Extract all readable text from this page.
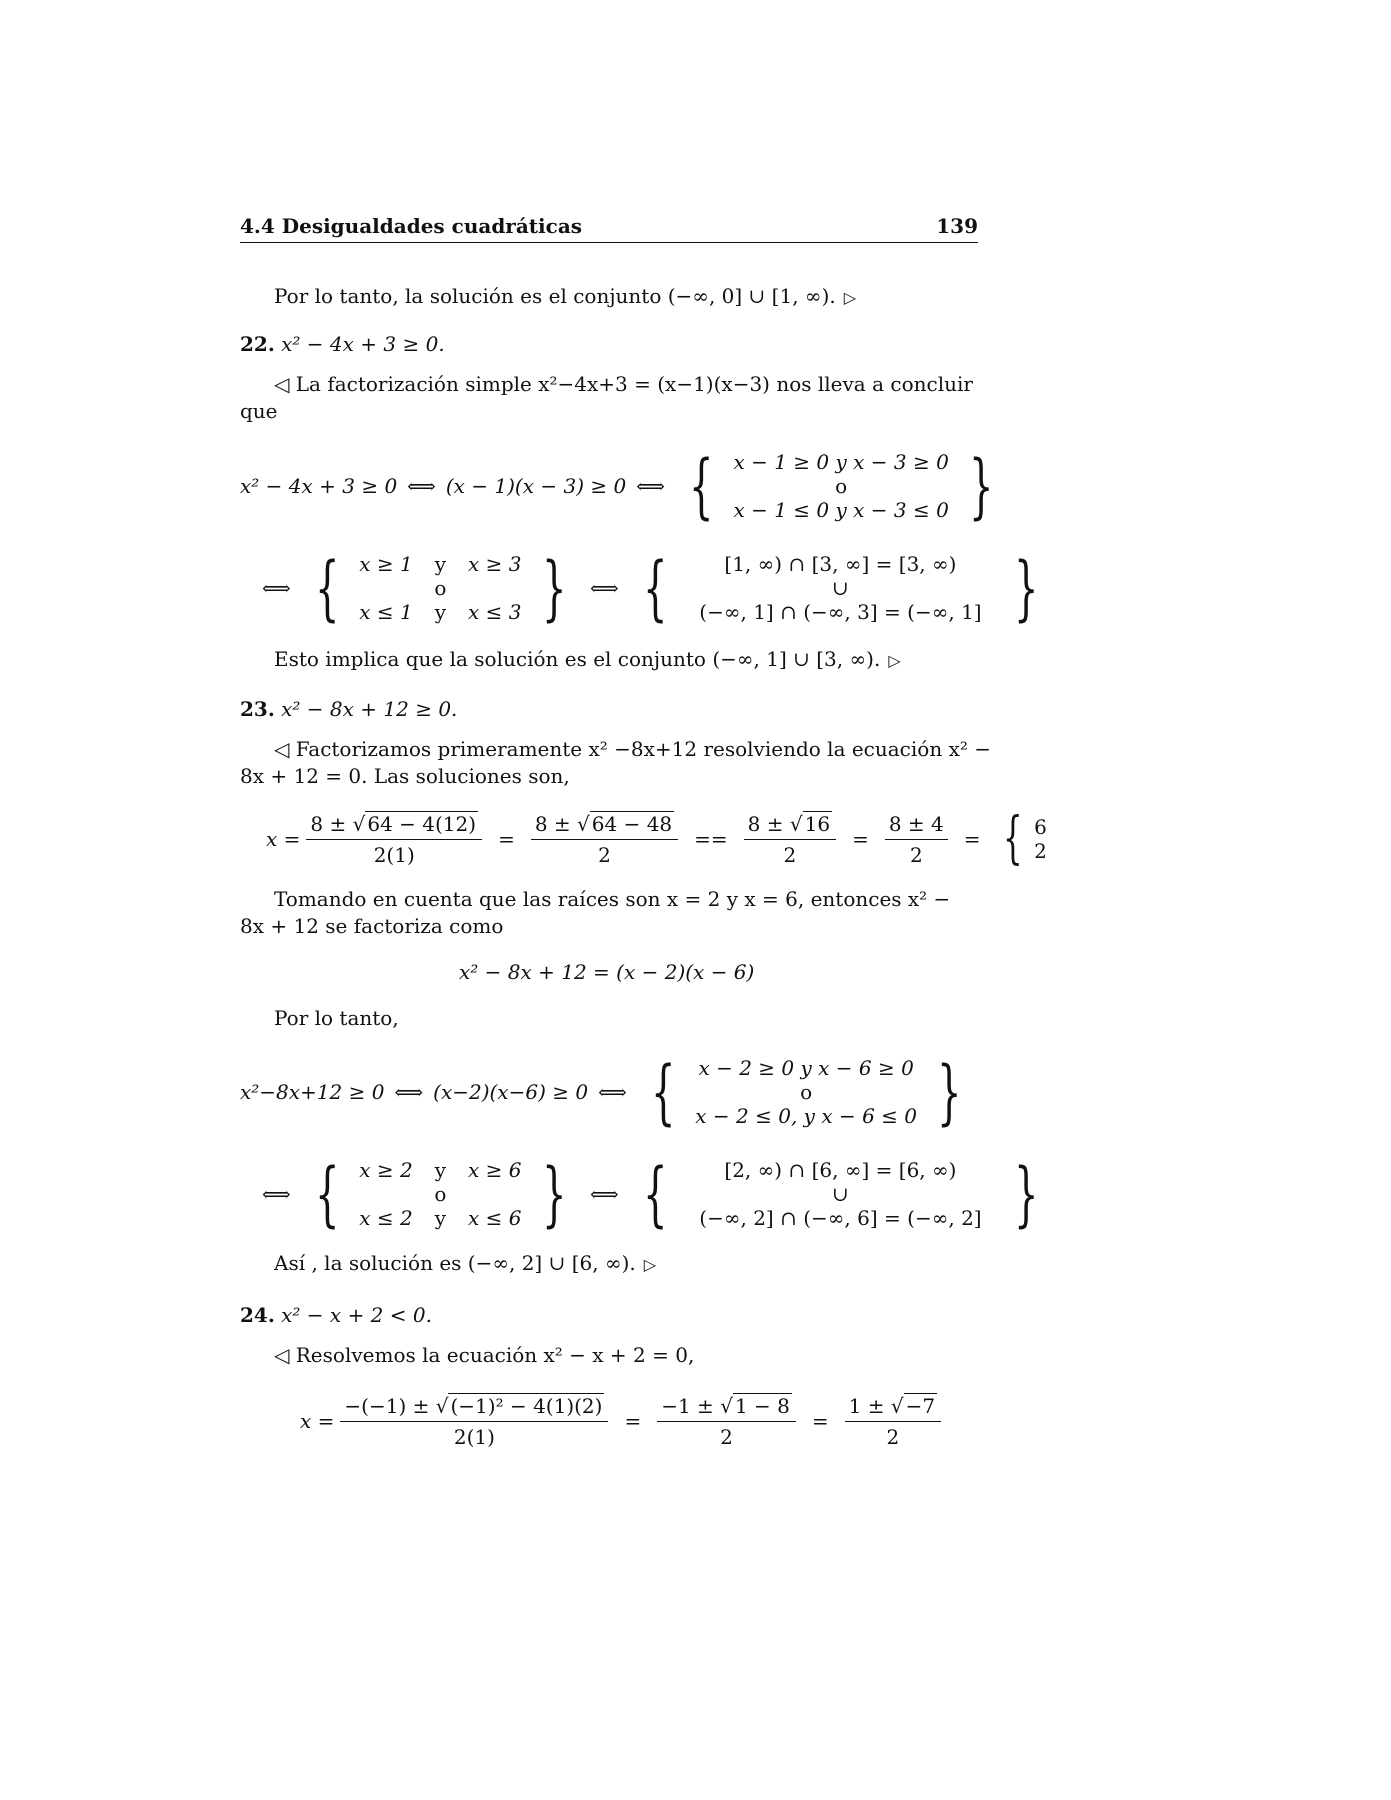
4.4 Desigualdades cuadráticas	139
Por lo tanto, la solución es el conjunto (−∞, 0] ∪ [1, ∞). ▷
22. x² − 4x + 3 ≥ 0.
◁ La factorización simple x²−4x+3 = (x−1)(x−3) nos lleva a concluir
que
x² − 4x + 3 ≥ 0 ⟺ (x − 1)(x − 3) ≥ 0 ⟺ { x − 1 ≥ 0 y x − 3 ≥ 0
o
x − 1 ≤ 0 y x − 3 ≤ 0 }
⟺ { x ≥ 1 y x ≥ 3
o
x ≤ 1 y x ≤ 3 } ⟺ {	[1, ∞) ∩ [3, ∞] = [3, ∞)
∪
(−∞, 1] ∩ (−∞, 3] = (−∞, 1] }
Esto implica que la solución es el conjunto (−∞, 1] ∪ [3, ∞). ▷
23. x² − 8x + 12 ≥ 0.
◁ Factorizamos primeramente x² −8x+12 resolviendo la ecuación x² −
8x + 12 = 0. Las soluciones son,
$x = \frac{8 \pm √ 64 - 4(12)}{2(1)} = \frac{8 \pm √ 64 - 48}{2} == \frac{8 \pm √ 16}{2} = \frac{8 \pm 4}{2}$ = { 6
2
Tomando en cuenta que las raíces son x = 2 y x = 6, entonces x² −
8x + 12 se factoriza como
x² − 8x + 12 = (x − 2)(x − 6)
Por lo tanto,
x²−8x+12 ≥ 0 ⟺ (x−2)(x−6) ≥ 0 ⟺ { x − 2 ≥ 0 y x − 6 ≥ 0
o
x − 2 ≤ 0, y x − 6 ≤ 0 }
⟺ { x ≥ 2 y x ≥ 6
o
x ≤ 2 y x ≤ 6 } ⟺ {	[2, ∞) ∩ [6, ∞] = [6, ∞)
∪
(−∞, 2] ∩ (−∞, 6] = (−∞, 2] }
Así , la solución es (−∞, 2] ∪ [6, ∞). ▷
24. x² − x + 2 < 0.
◁ Resolvemos la ecuación x² − x + 2 = 0,
$x = \frac{\text{−(−1) ± √ (−1)² − 4(1)(2)}}{2(1)} = \frac{-1 \pm √ 1 - 8}{2} = \frac{1 \pm √ -7}{2}$
